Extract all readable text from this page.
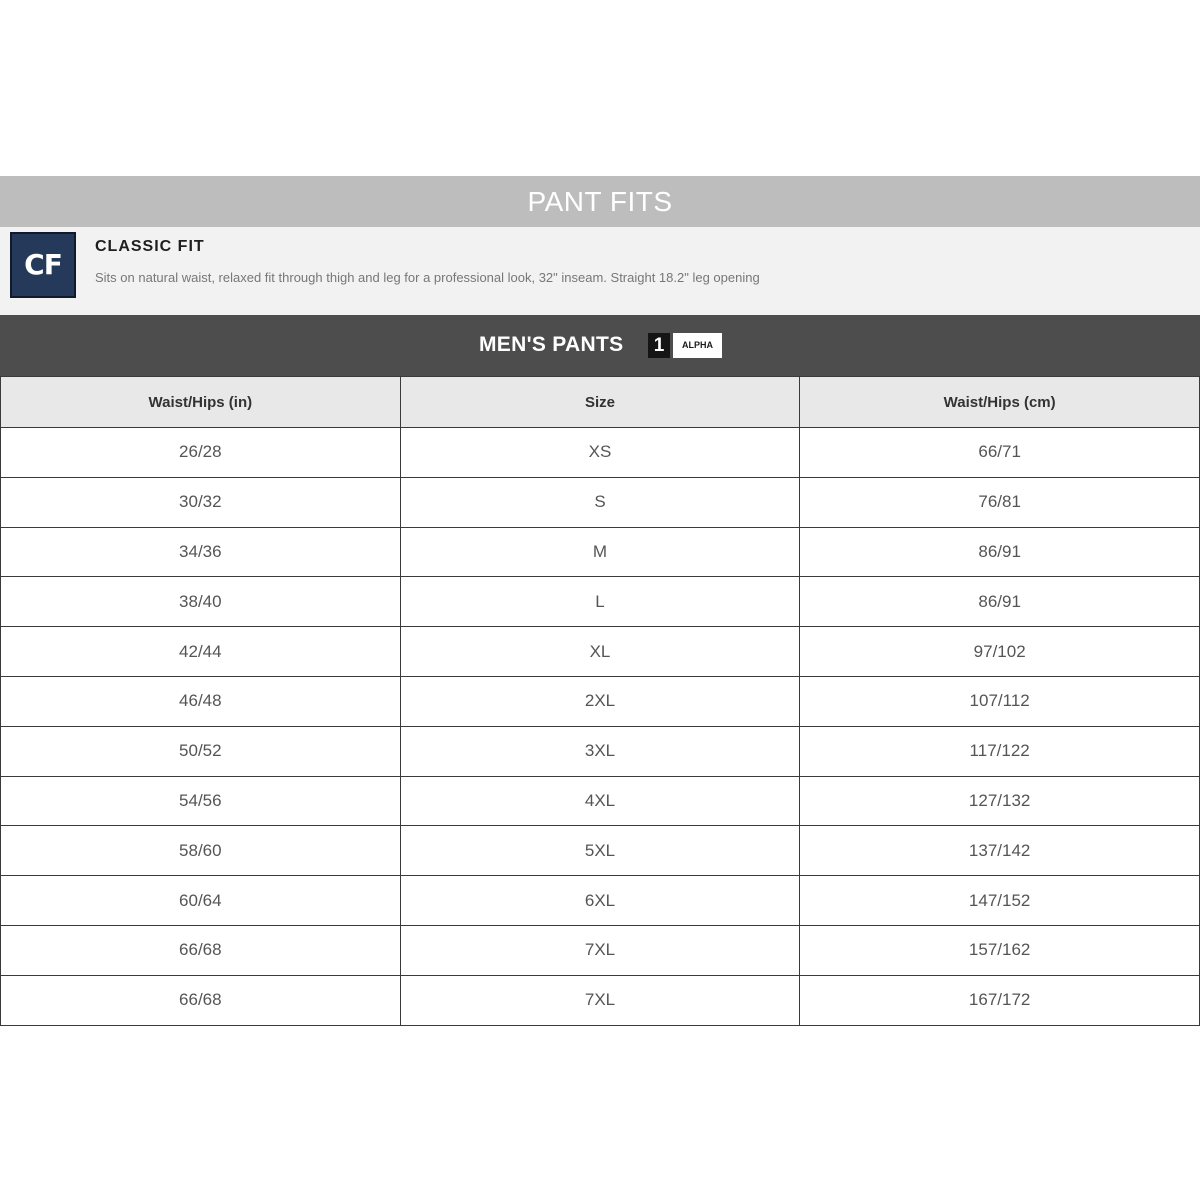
PANT FITS
CF
CLASSIC FIT
Sits on natural waist, relaxed fit through thigh and leg for a professional look, 32" inseam. Straight 18.2" leg opening
MEN'S PANTS	1	ALPHA
Waist/Hips (in)	Size	Waist/Hips (cm)
26/28	XS	66/71
30/32	S	76/81
34/36	M	86/91
38/40	L	86/91
42/44	XL	97/102
46/48	2XL	107/112
50/52	3XL	117/122
54/56	4XL	127/132
58/60	5XL	137/142
60/64	6XL	147/152
66/68	7XL	157/162
66/68	7XL	167/172
